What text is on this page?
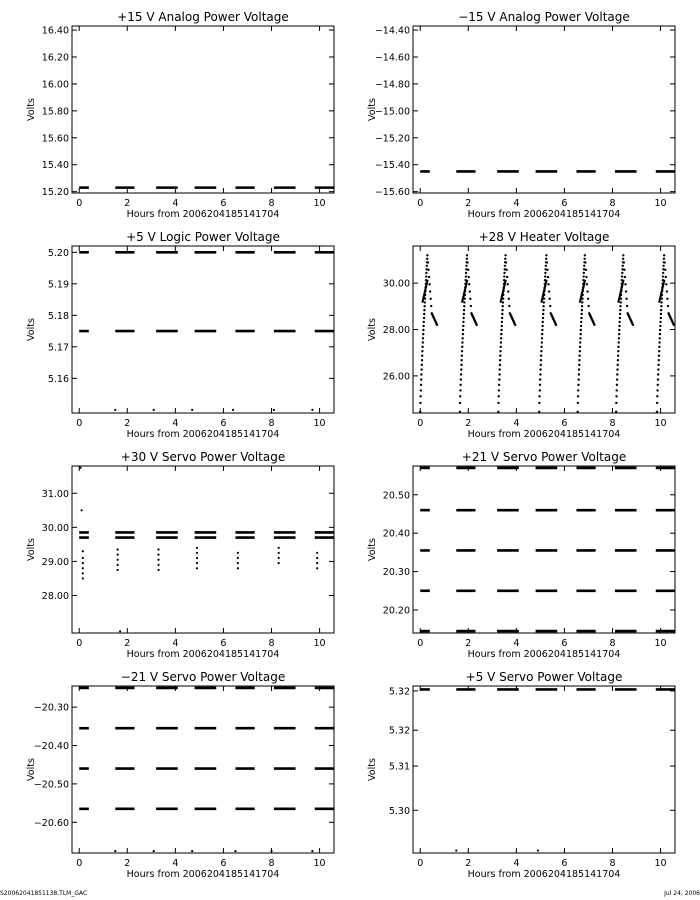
+15 V Analog Power Voltage
0	2	4	6	8	10
Hours from 2006204185141704
15.20
15.40
15.60
15.80
16.00
16.20
16.40
Volts
−15 V Analog Power Voltage
0	2	4	6	8	10
Hours from 2006204185141704
−15.60
−15.40
−15.20
−15.00
−14.80
−14.60
−14.40
Volts
+5 V Logic Power Voltage
0	2	4	6	8	10
Hours from 2006204185141704
5.16
5.17
5.18
5.19
5.20
Volts
+28 V Heater Voltage
0	2	4	6	8	10
Hours from 2006204185141704
26.00
28.00
30.00
Volts
+30 V Servo Power Voltage
0	2	4	6	8	10
Hours from 2006204185141704
28.00
29.00
30.00
31.00
Volts
+21 V Servo Power Voltage
0	2	4	6	8	10
Hours from 2006204185141704
20.20
20.30
20.40
20.50
Volts
−21 V Servo Power Voltage
0	2	4	6	8	10
Hours from 2006204185141704
−20.60
−20.50
−20.40
−20.30
Volts
+5 V Servo Power Voltage
0	2	4	6	8	10
Hours from 2006204185141704
5.30
5.31
5.32
5.32
Volts
S20062041851138.TLM_GAC	Jul 24, 2006
